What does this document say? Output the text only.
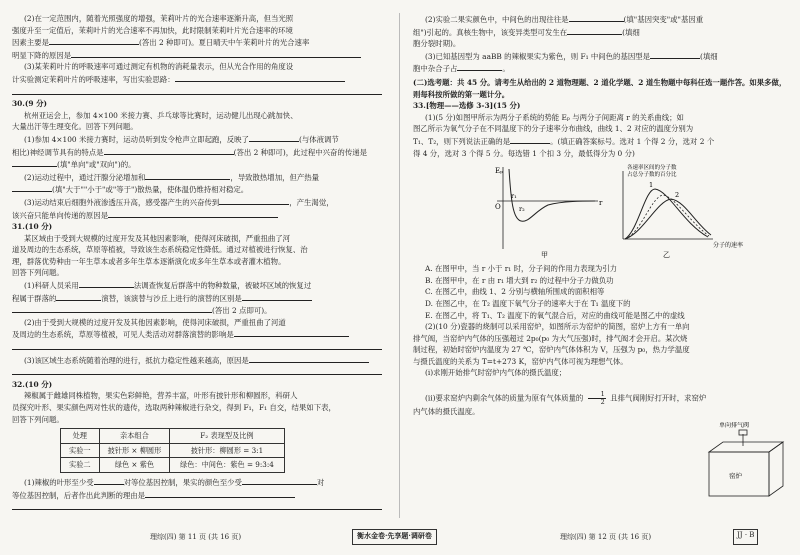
(2)在一定范围内，随着光照强度的增强，茉莉叶片的光合速率逐渐升高，但当光照

强度升至一定值后，茉莉叶片的光合速率不再加快，此时限制茉莉叶片光合速率的环境

因素主要是	(答出 2 种即可)。夏日晴天中午茉莉叶片的光合速率

明显下降的原因是

(3)某茉莉叶片的呼吸速率可通过测定有机物的消耗量表示，但从光合作用的角度设

计实验测定茉莉叶片的呼吸速率，写出实验思路：

30.(9 分)

杭州亚运会上，参加 4×100 米接力赛、乒乓球等比赛时，运动健儿出现心跳加快、

大量出汗等生理变化。回答下列问题。

(1)参加 4×100 米接力赛时，运动员听到发令枪声立即起跑，反映了	(与体液调节

相比)神经调节具有的特点是	(答出 2 种即可)，此过程中兴奋的传递是

(填"单向"或"双向")的。

(2)运动过程中，通过汗腺分泌增加和	，导致散热增加，但产热量

(填"大于""小于"或"等于")散热量，使体温仍维持相对稳定。

(3)运动结束后细胞外液渗透压升高，感受器产生的兴奋传到	，产生渴觉，

该兴奋只能单向传递的原因是

31.(10 分)

某区域由于受到大规模的过度开发及其他因素影响，使得河床破损，严重扭曲了河

道及周边的生态系统，草原等植被，导致该生态系统稳定性降低。通过对植被进行恢复、治

理，群落优势种由一年生草本或者多年生草本逐渐演化成多年生草本或者灌木植物。

回答下列问题。

(1)科研人员采用	法调查恢复后群落中的物种数量，被破坏区域的恢复过

程属于群落的	演替，该演替与沙丘上进行的演替的区别是

(答出 2 点即可)。

(2)由于受到大规模的过度开发及其他因素影响，使得河床破损，严重扭曲了河道

及周边的生态系统，草原等植被，可见人类活动对群落演替的影响是

(3)该区域生态系统随着治理的进行，抵抗力稳定性越来越高，原因是

32.(10 分)

辣椒属于雌雄同株植物，果实色彩鲜艳，营养丰富，叶形有披针形和柳圆形，科研人

员探究叶形、果实颜色两对性状的遗传，选取两种辣椒进行杂交，得到 F₁，F₁ 自交，结果如下表，

回答下列问题。

处理	亲本组合	F₂ 表现型及比例
实验一	披针形 × 柳圆形	披针形：柳圆形 = 3:1
实验二	绿色 × 紫色	绿色：中间色：紫色 = 9:3:4

(1)辣椒的叶形至少受	对等位基因控制，果实的颜色至少受	对

等位基因控制，后者作出此判断的理由是

(2)实验二果实颜色中，中间色的出现往往是	(填"基因突变"或"基因重

组")引起的。真核生物中，该变异类型可发生在	(填细

胞分裂时期)。

(3)已知基因型为 aaBB 的辣椒果实为紫色，则 F₁ 中间色的基因型是	(填细

胞中杂合子占	。

(二)选考题：共 45 分。请考生从给出的 2 道物理题、2 道化学题、2 道生物题中每科任选一题作答。如果多做，则每科按所做的第一题计分。

33.[物理——选修 3-3](15 分)

(1)(5 分)如图甲所示为两分子系统的势能 Eₚ 与两分子间距离 r 的关系曲线；如

图乙所示为氧气分子在不同温度下的分子速率分布曲线，曲线 1、2 对应的温度分别为

T₁、T₂，则下列说法正确的是	。(填正确答案标号。选对 1 个得 2 分，选对 2 个

得 4 分，选对 3 个得 5 分。每选错 1 个扣 3 分，最低得分为 0 分)

Eₚ
O	r
r₁
r₂
甲
1
2
各速率区间的分子数
占总分子数的百分比
分子的速率
乙

A. 在图甲中，当 r 小于 r₁ 时，分子间的作用力表现为引力

B. 在图甲中，在 r 由 r₁ 增大到 r₂ 的过程中分子力做负功

C. 在图乙中，曲线 1、2 分别与横轴所围成的面积相等

D. 在图乙中，在 T₂ 温度下氧气分子的速率大于在 T₁ 温度下的

E. 在图乙中，将 T₁、T₂ 温度下的氧气混合后，对应的曲线可能是图乙中的虚线

(2)(10 分)瓷器的烧制可以采用窑炉，如图所示为窑炉的简图，窑炉上方有一单向

排气阀，当窑炉内气体的压强超过 2p₀(p₀ 为大气压强)时，排气阀才会开启。某次烧

制过程，初始时窑炉内温度为 27 ℃，窑炉内气体体积为 V，压强为 p₀，热力学温度

与摄氏温度的关系为 T=t+273 K，窑炉内气体可视为理想气体。

(ⅰ)求刚开始排气时窑炉内气体的摄氏温度；

(ⅱ)要求窑炉内剩余气体的质量为原有气体质量的 $\frac{1}{2}$ 且排气阀刚好打开时，求窑炉

内气体的摄氏温度。

单向排气阀
窑炉
理综(四) 第 11 页 (共 16 页)	衡水金卷·先享题·调研卷	理综(四) 第 12 页 (共 16 页)	JJ · B
